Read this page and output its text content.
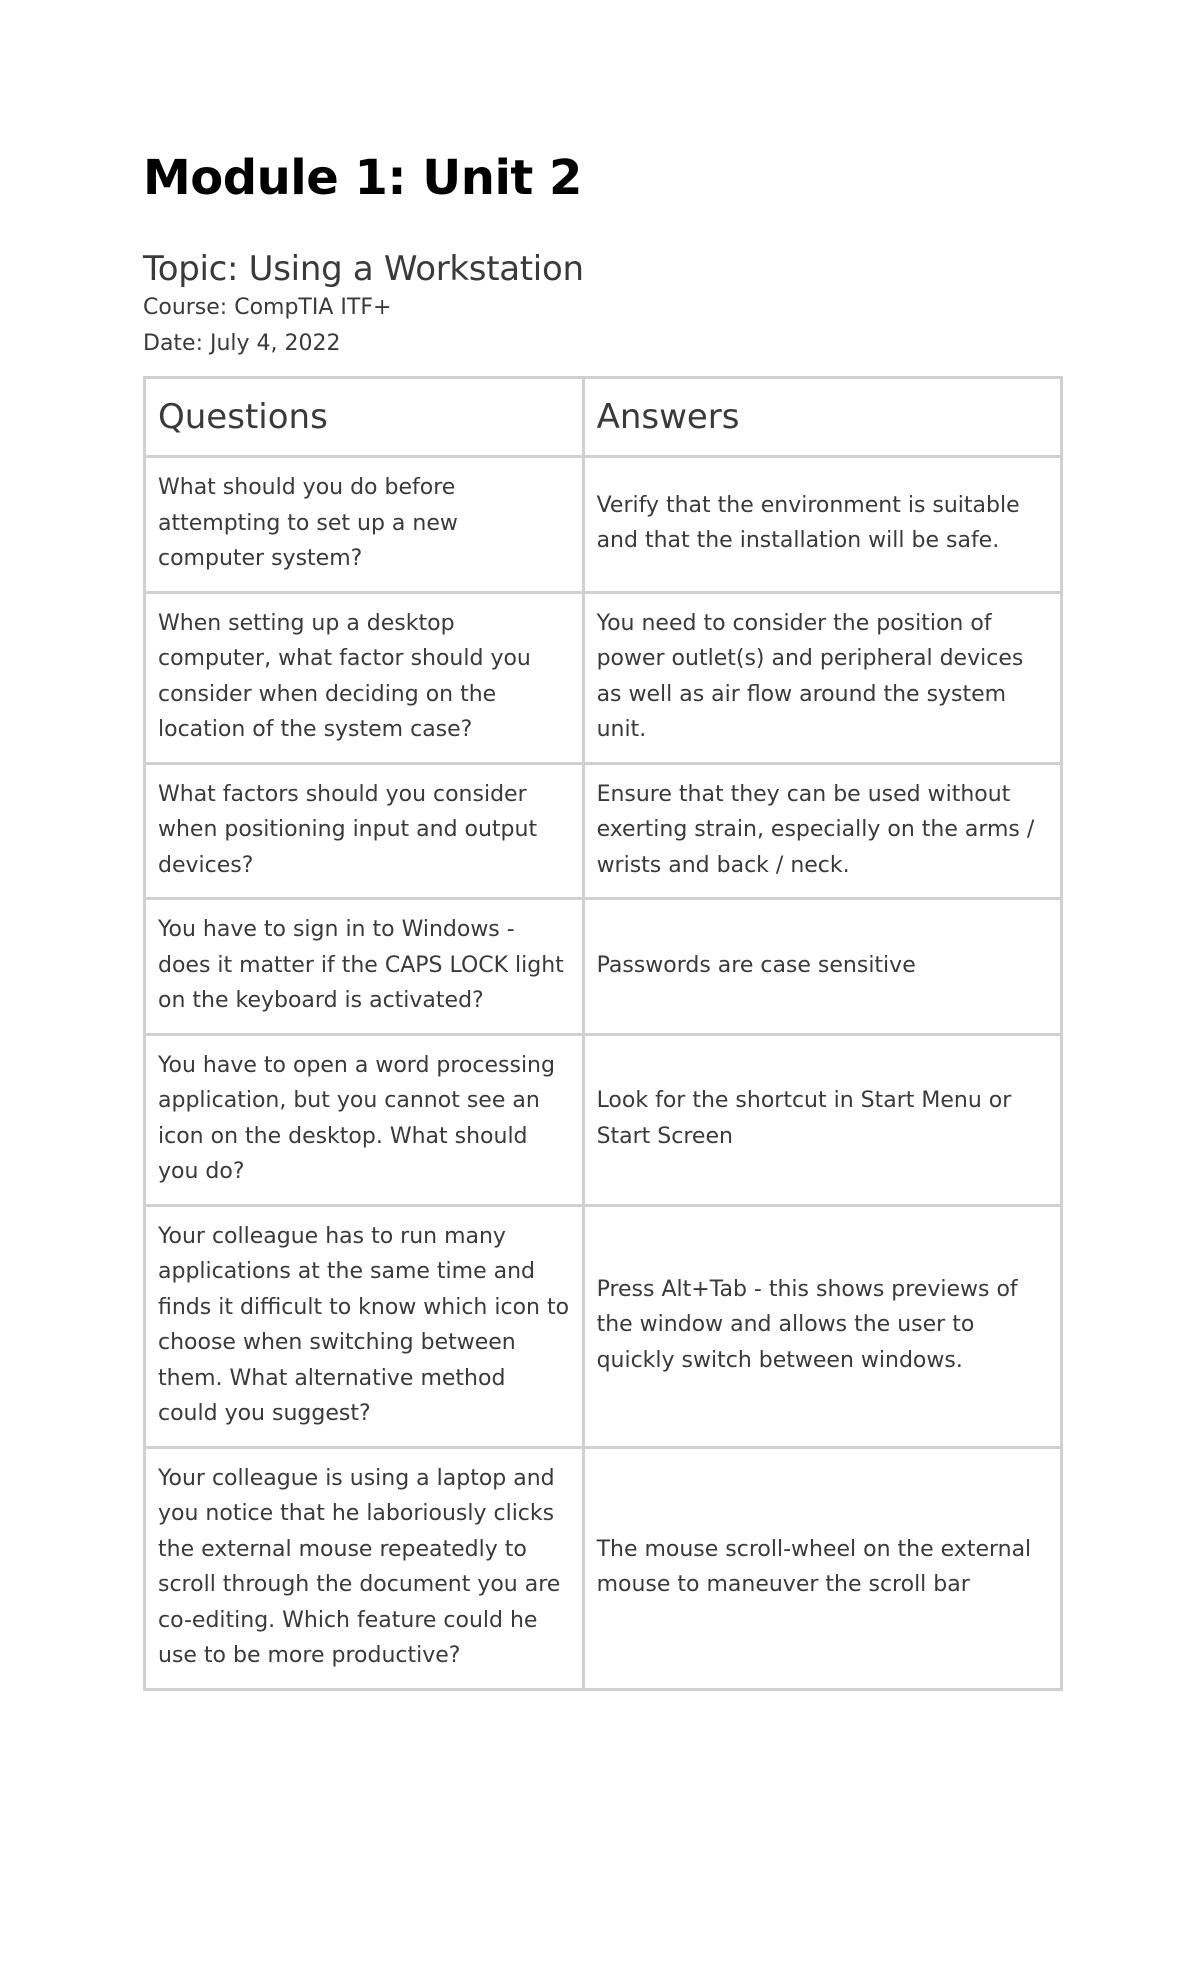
Module 1: Unit 2
Topic: Using a Workstation
Course: CompTIA ITF+
Date: July 4, 2022
Questions	Answers
What should you do before attempting to set up a new computer system?	Verify that the environment is suitable and that the installation will be safe.
When setting up a desktop computer, what factor should you consider when deciding on the location of the system case?	You need to consider the position of power outlet(s) and peripheral devices as well as air flow around the system unit.
What factors should you consider when positioning input and output devices?	Ensure that they can be used without exerting strain, especially on the arms / wrists and back / neck.
You have to sign in to Windows - does it matter if the CAPS LOCK light on the keyboard is activated?	Passwords are case sensitive
You have to open a word processing application, but you cannot see an icon on the desktop. What should you do?	Look for the shortcut in Start Menu or Start Screen
Your colleague has to run many applications at the same time and finds it difficult to know which icon to choose when switching between them. What alternative method could you suggest?	Press Alt+Tab - this shows previews of the window and allows the user to quickly switch between windows.
Your colleague is using a laptop and you notice that he laboriously clicks the external mouse repeatedly to scroll through the document you are co-editing. Which feature could he use to be more productive?	The mouse scroll-wheel on the external mouse to maneuver the scroll bar
